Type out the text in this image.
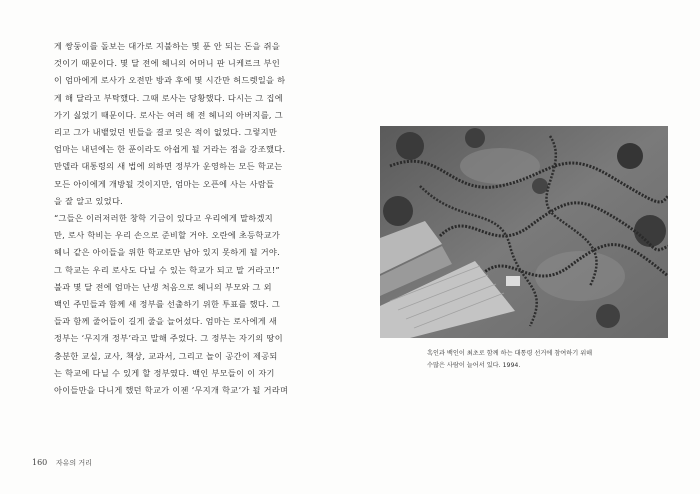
게 쌍둥이를 돌보는 대가로 지불하는 몇 푼 안 되는 돈을 쥐을
것이기 때문이다. 몇 달 전에 헤니의 어머니 판 니케르크 부인
이 엄마에게 로사가 오전만 방과 후에 몇 시간만 허드렛일을 하
게 해 달라고 부탁했다. 그때 로사는 당황했다. 다시는 그 집에
가기 싫었기 때문이다. 로사는 여러 해 전 헤니의 아버지를, 그
리고 그가 내뱉었던 빈들을 결코 잊은 적이 없었다. 그렇지만
엄마는 내년에는 한 푼이라도 아쉽게 될 거라는 점을 강조했다.
만델라 대통령의 새 법에 의하면 정부가 운영하는 모든 학교는
모든 아이에게 개방될 것이지만, 엄마는 오픈에 사는 사람들
을 잘 알고 있었다.
“그들은 이러저러한 창학 기금이 있다고 우리에게 말하겠지
만, 로사 학비는 우리 손으로 준비할 거야. 오란에 초등학교가
헤니 같은 아이들을 위한 학교로만 남아 있지 못하게 될 거야.
그 학교는 우리 로사도 다닐 수 있는 학교가 되고 말 거라고!”
불과 몇 달 전에 엄마는 난생 처음으로 헤니의 부모와 그 외
백인 주민들과 함께 새 정부를 선출하기 위한 투표를 했다. 그
들과 함께 줄어들이 길게 줄을 늘어섰다. 엄마는 로사에게 새
정부는 ‘무지개 정부’라고 말해 주었다. 그 정부는 자기의 땅이
충분한 교실, 교사, 책상, 교과서, 그리고 놀이 공간이 제공되
는 학교에 다닐 수 있게 할 정부였다. 백인 부모들이 이 자기
아이들만을 다니게 했던 학교가 이젠 ‘무지개 학교’가 될 거라며
160 자유의 거리
흑인과 백인이 최초로 함께 하는 대통령 선거에 참여하기 위해
수많은 사람이 늘어서 있다. 1994.
